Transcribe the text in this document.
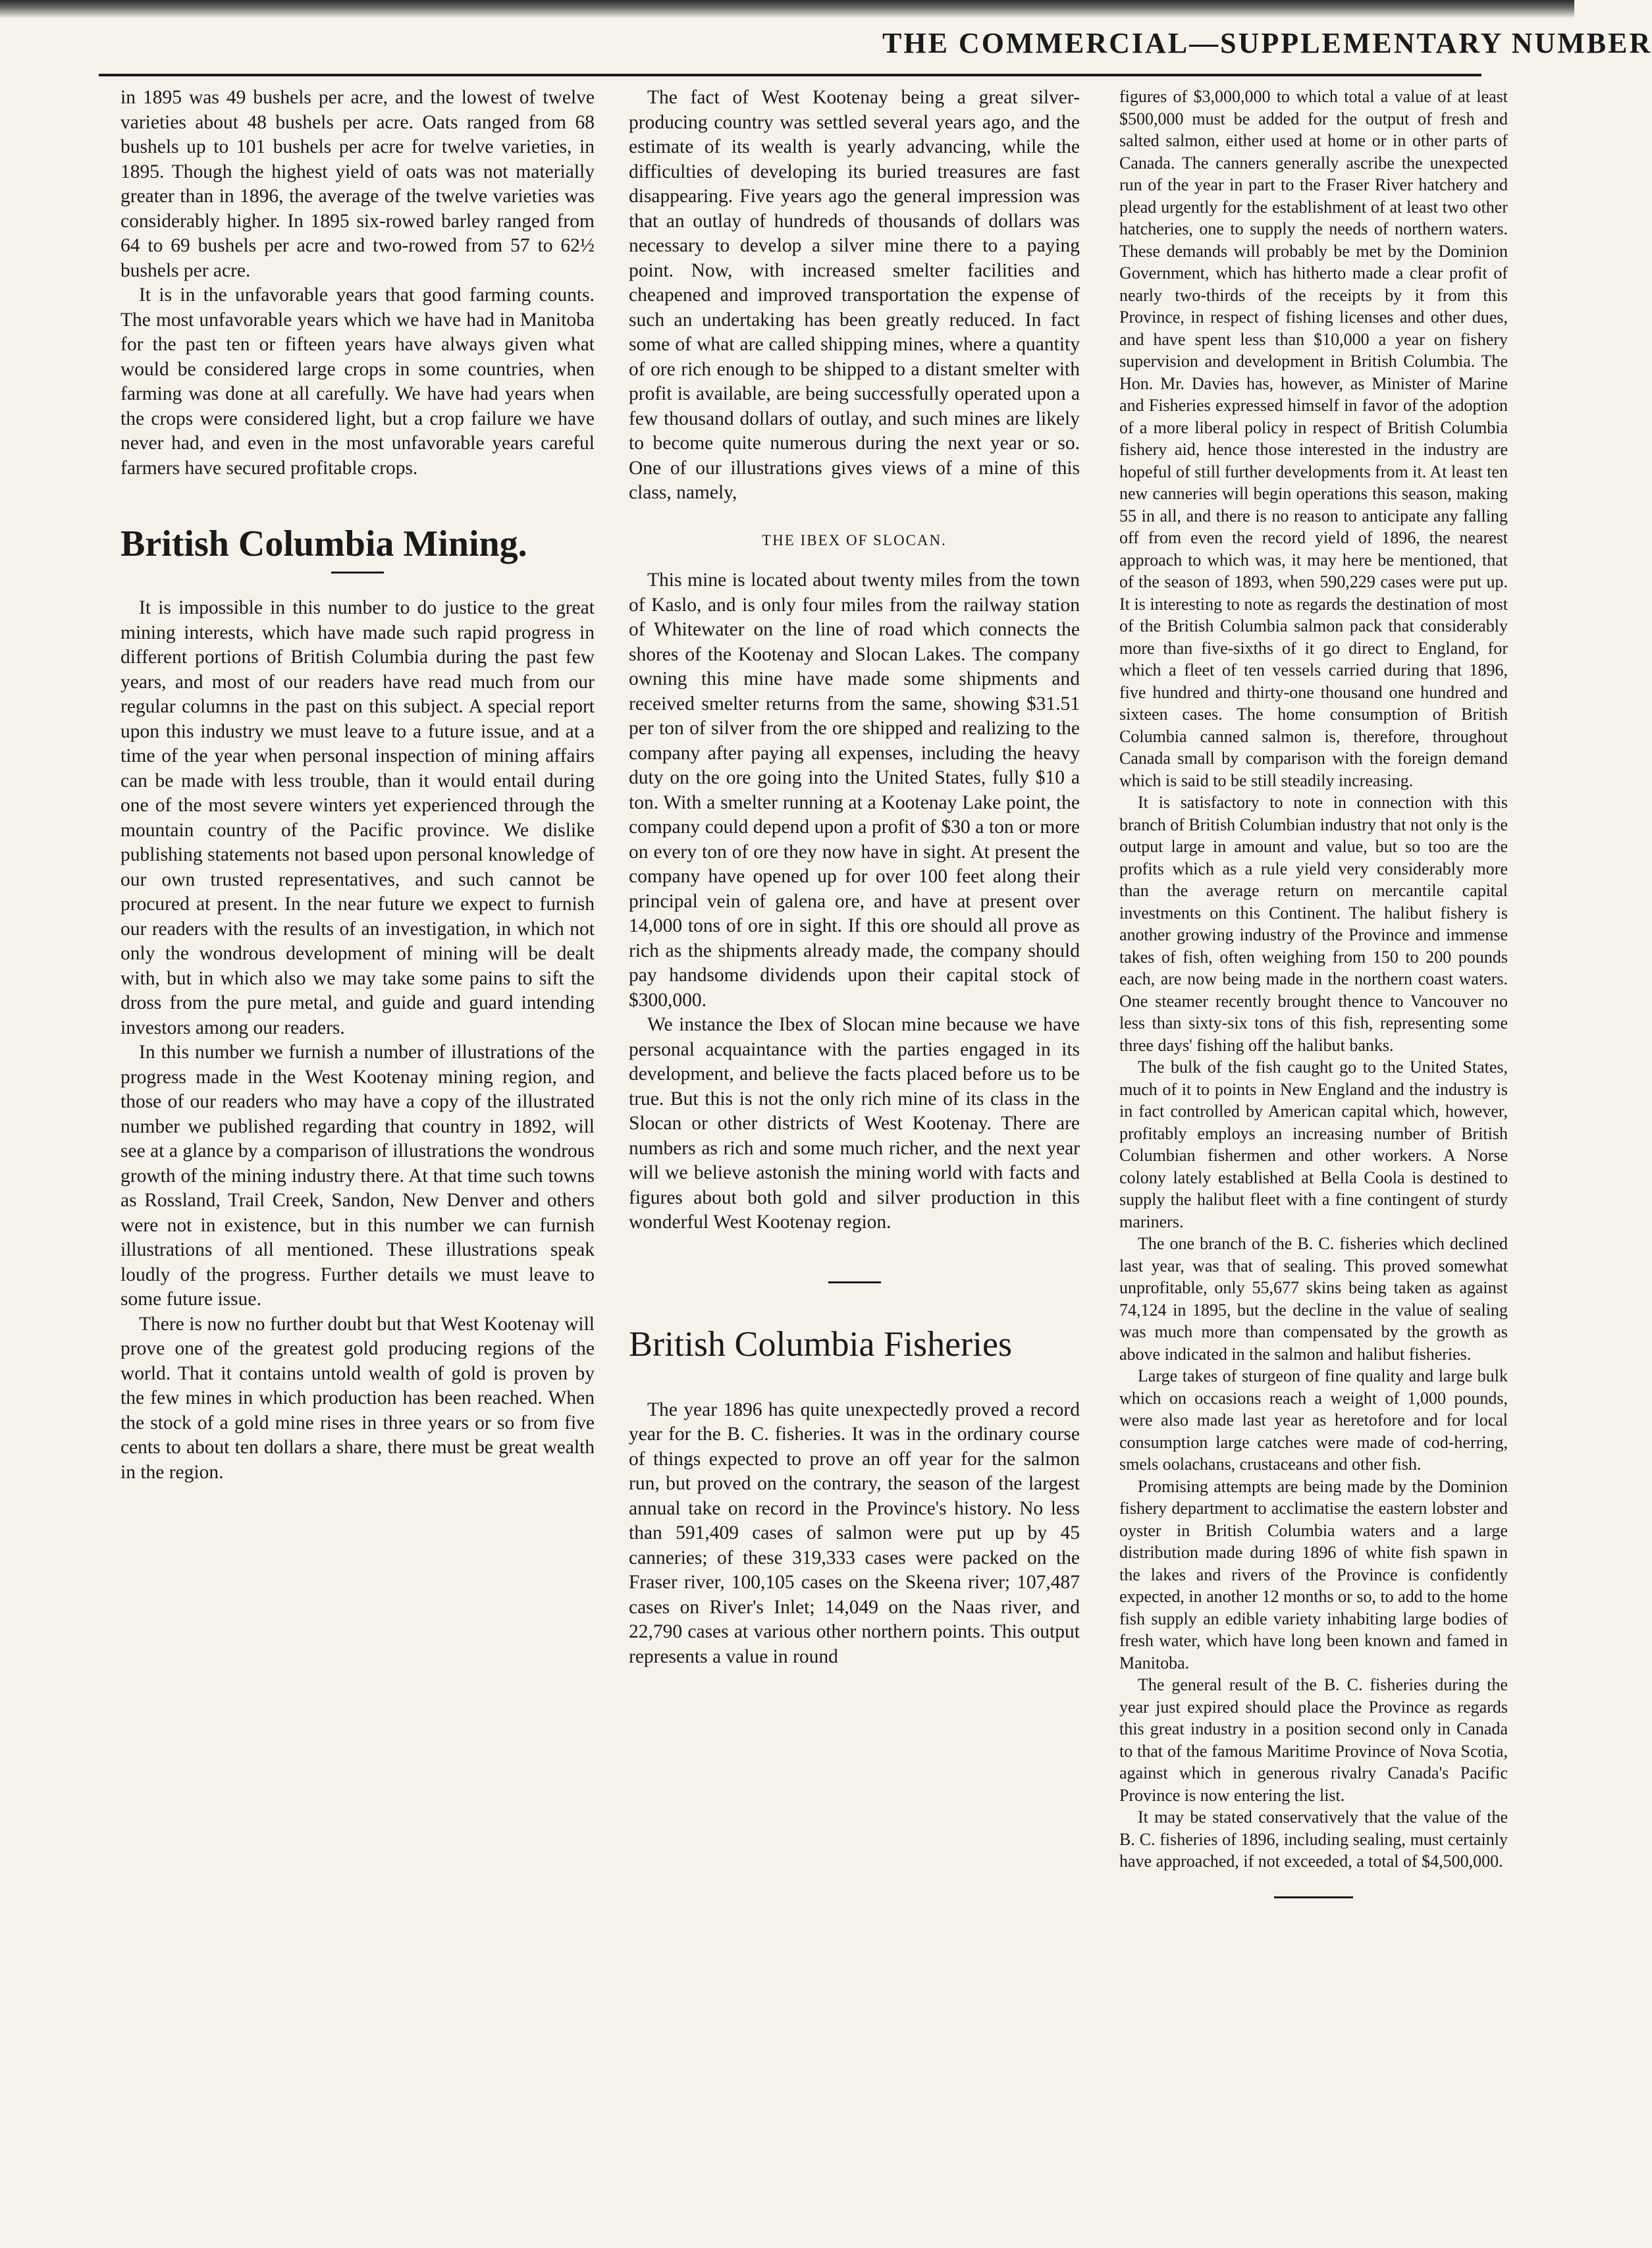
THE COMMERCIAL—SUPPLEMENTARY NUMBER

in 1895 was 49 bushels per acre, and the lowest of twelve varieties about 48 bushels per acre. Oats ranged from 68 bushels up to 101 bushels per acre for twelve varieties, in 1895. Though the highest yield of oats was not materially greater than in 1896, the average of the twelve varieties was considerably higher. In 1895 six-rowed barley ranged from 64 to 69 bushels per acre and two-rowed from 57 to 62½ bushels per acre.

It is in the unfavorable years that good farming counts. The most unfavorable years which we have had in Manitoba for the past ten or fifteen years have always given what would be considered large crops in some countries, when farming was done at all carefully. We have had years when the crops were considered light, but a crop failure we have never had, and even in the most unfavorable years careful farmers have secured profitable crops.

British Columbia Mining.

It is impossible in this number to do justice to the great mining interests, which have made such rapid progress in different portions of British Columbia during the past few years, and most of our readers have read much from our regular columns in the past on this subject. A special report upon this industry we must leave to a future issue, and at a time of the year when personal inspection of mining affairs can be made with less trouble, than it would entail during one of the most severe winters yet experienced through the mountain country of the Pacific province. We dislike publishing statements not based upon personal knowledge of our own trusted representatives, and such cannot be procured at present. In the near future we expect to furnish our readers with the results of an investigation, in which not only the wondrous development of mining will be dealt with, but in which also we may take some pains to sift the dross from the pure metal, and guide and guard intending investors among our readers.

In this number we furnish a number of illustrations of the progress made in the West Kootenay mining region, and those of our readers who may have a copy of the illustrated number we published regarding that country in 1892, will see at a glance by a comparison of illustrations the wondrous growth of the mining industry there. At that time such towns as Rossland, Trail Creek, Sandon, New Denver and others were not in existence, but in this number we can furnish illustrations of all mentioned. These illustrations speak loudly of the progress. Further details we must leave to some future issue.

There is now no further doubt but that West Kootenay will prove one of the greatest gold producing regions of the world. That it contains untold wealth of gold is proven by the few mines in which production has been reached. When the stock of a gold mine rises in three years or so from five cents to about ten dollars a share, there must be great wealth in the region.

The fact of West Kootenay being a great silver-producing country was settled several years ago, and the estimate of its wealth is yearly advancing, while the difficulties of developing its buried treasures are fast disappearing. Five years ago the general impression was that an outlay of hundreds of thousands of dollars was necessary to develop a silver mine there to a paying point. Now, with increased smelter facilities and cheapened and improved transportation the expense of such an undertaking has been greatly reduced. In fact some of what are called shipping mines, where a quantity of ore rich enough to be shipped to a distant smelter with profit is available, are being successfully operated upon a few thousand dollars of outlay, and such mines are likely to become quite numerous during the next year or so. One of our illustrations gives views of a mine of this class, namely,

THE IBEX OF SLOCAN.

This mine is located about twenty miles from the town of Kaslo, and is only four miles from the railway station of Whitewater on the line of road which connects the shores of the Kootenay and Slocan Lakes. The company owning this mine have made some shipments and received smelter returns from the same, showing $31.51 per ton of silver from the ore shipped and realizing to the company after paying all expenses, including the heavy duty on the ore going into the United States, fully $10 a ton. With a smelter running at a Kootenay Lake point, the company could depend upon a profit of $30 a ton or more on every ton of ore they now have in sight. At present the company have opened up for over 100 feet along their principal vein of galena ore, and have at present over 14,000 tons of ore in sight. If this ore should all prove as rich as the shipments already made, the company should pay handsome dividends upon their capital stock of $300,000.

We instance the Ibex of Slocan mine because we have personal acquaintance with the parties engaged in its development, and believe the facts placed before us to be true. But this is not the only rich mine of its class in the Slocan or other districts of West Kootenay. There are numbers as rich and some much richer, and the next year will we believe astonish the mining world with facts and figures about both gold and silver production in this wonderful West Kootenay region.

British Columbia Fisheries

The year 1896 has quite unexpectedly proved a record year for the B. C. fisheries. It was in the ordinary course of things expected to prove an off year for the salmon run, but proved on the contrary, the season of the largest annual take on record in the Province's history. No less than 591,409 cases of salmon were put up by 45 canneries; of these 319,333 cases were packed on the Fraser river, 100,105 cases on the Skeena river; 107,487 cases on River's Inlet; 14,049 on the Naas river, and 22,790 cases at various other northern points. This output represents a value in round

figures of $3,000,000 to which total a value of at least $500,000 must be added for the output of fresh and salted salmon, either used at home or in other parts of Canada. The canners generally ascribe the unexpected run of the year in part to the Fraser River hatchery and plead urgently for the establishment of at least two other hatcheries, one to supply the needs of northern waters. These demands will probably be met by the Dominion Government, which has hitherto made a clear profit of nearly two-thirds of the receipts by it from this Province, in respect of fishing licenses and other dues, and have spent less than $10,000 a year on fishery supervision and development in British Columbia. The Hon. Mr. Davies has, however, as Minister of Marine and Fisheries expressed himself in favor of the adoption of a more liberal policy in respect of British Columbia fishery aid, hence those interested in the industry are hopeful of still further developments from it. At least ten new canneries will begin operations this season, making 55 in all, and there is no reason to anticipate any falling off from even the record yield of 1896, the nearest approach to which was, it may here be mentioned, that of the season of 1893, when 590,229 cases were put up. It is interesting to note as regards the destination of most of the British Columbia salmon pack that considerably more than five-sixths of it go direct to England, for which a fleet of ten vessels carried during that 1896, five hundred and thirty-one thousand one hundred and sixteen cases. The home consumption of British Columbia canned salmon is, therefore, throughout Canada small by comparison with the foreign demand which is said to be still steadily increasing.

It is satisfactory to note in connection with this branch of British Columbian industry that not only is the output large in amount and value, but so too are the profits which as a rule yield very considerably more than the average return on mercantile capital investments on this Continent. The halibut fishery is another growing industry of the Province and immense takes of fish, often weighing from 150 to 200 pounds each, are now being made in the northern coast waters. One steamer recently brought thence to Vancouver no less than sixty-six tons of this fish, representing some three days' fishing off the halibut banks.

The bulk of the fish caught go to the United States, much of it to points in New England and the industry is in fact controlled by American capital which, however, profitably employs an increasing number of British Columbian fishermen and other workers. A Norse colony lately established at Bella Coola is destined to supply the halibut fleet with a fine contingent of sturdy mariners.

The one branch of the B. C. fisheries which declined last year, was that of sealing. This proved somewhat unprofitable, only 55,677 skins being taken as against 74,124 in 1895, but the decline in the value of sealing was much more than compensated by the growth as above indicated in the salmon and halibut fisheries.

Large takes of sturgeon of fine quality and large bulk which on occasions reach a weight of 1,000 pounds, were also made last year as heretofore and for local consumption large catches were made of cod-herring, smels oolachans, crustaceans and other fish.

Promising attempts are being made by the Dominion fishery department to acclimatise the eastern lobster and oyster in British Columbia waters and a large distribution made during 1896 of white fish spawn in the lakes and rivers of the Province is confidently expected, in another 12 months or so, to add to the home fish supply an edible variety inhabiting large bodies of fresh water, which have long been known and famed in Manitoba.

The general result of the B. C. fisheries during the year just expired should place the Province as regards this great industry in a position second only in Canada to that of the famous Maritime Province of Nova Scotia, against which in generous rivalry Canada's Pacific Province is now entering the list.

It may be stated conservatively that the value of the B. C. fisheries of 1896, including sealing, must certainly have approached, if not exceeded, a total of $4,500,000.
